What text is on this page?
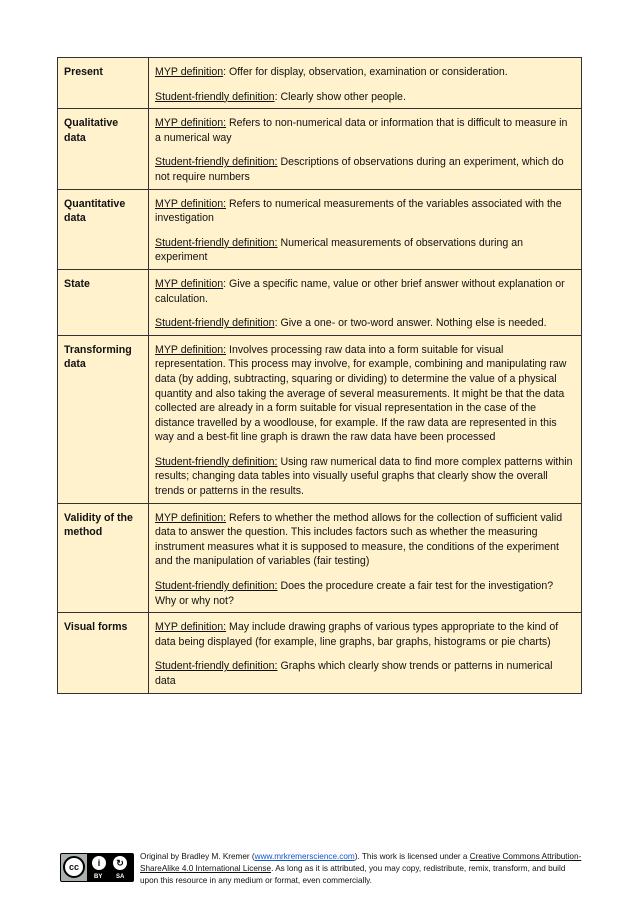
Present	MYP definition: Offer for display, observation, examination or consideration.

Student-friendly definition: Clearly show other people.

Qualitative data	MYP definition: Refers to non-numerical data or information that is difficult to measure in a numerical way

Student-friendly definition: Descriptions of observations during an experiment, which do not require numbers

Quantitative data	MYP definition: Refers to numerical measurements of the variables associated with the investigation

Student-friendly definition: Numerical measurements of observations during an experiment

State	MYP definition: Give a specific name, value or other brief answer without explanation or calculation.

Student-friendly definition: Give a one- or two-word answer. Nothing else is needed.

Transforming data	MYP definition: Involves processing raw data into a form suitable for visual representation. This process may involve, for example, combining and manipulating raw data (by adding, subtracting, squaring or dividing) to determine the value of a physical quantity and also taking the average of several measurements. It might be that the data collected are already in a form suitable for visual representation in the case of the distance travelled by a woodlouse, for example. If the raw data are represented in this way and a best-fit line graph is drawn the raw data have been processed

Student-friendly definition: Using raw numerical data to find more complex patterns within results; changing data tables into visually useful graphs that clearly show the overall trends or patterns in the results.

Validity of the method	MYP definition: Refers to whether the method allows for the collection of sufficient valid data to answer the question. This includes factors such as whether the measuring instrument measures what it is supposed to measure, the conditions of the experiment and the manipulation of variables (fair testing)

Student-friendly definition: Does the procedure create a fair test for the investigation? Why or why not?

Visual forms	MYP definition: May include drawing graphs of various types appropriate to the kind of data being displayed (for example, line graphs, bar graphs, histograms or pie charts)

Student-friendly definition: Graphs which clearly show trends or patterns in numerical data

cc	i	↻
BY SA
Original by Bradley M. Kremer (www.mrkremerscience.com). This work is licensed under a Creative Commons Attribution-ShareAlike 4.0 International License. As long as it is attributed, you may copy, redistribute, remix, transform, and build upon this resource in any medium or format, even commercially.
